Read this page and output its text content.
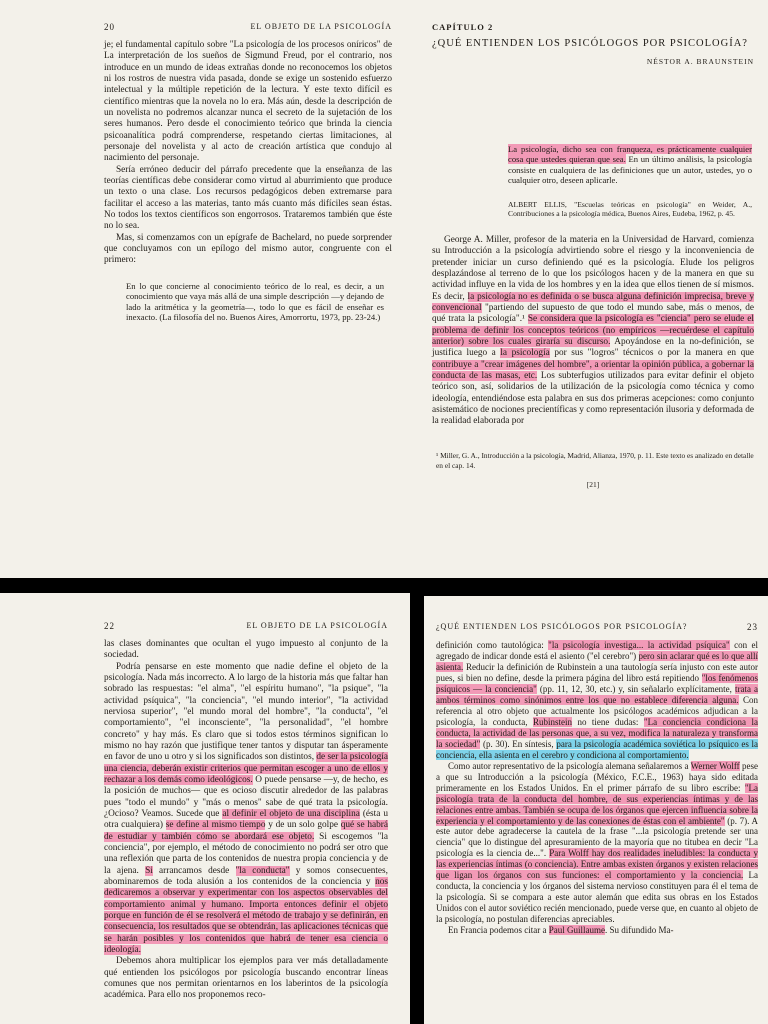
20	EL OBJETO DE LA PSICOLOGÍA

je; el fundamental capítulo sobre "La psicología de los procesos oníricos" de La interpretación de los sueños de Sigmund Freud, por el contrario, nos introduce en un mundo de ideas extrañas donde no reconocemos los objetos ni los rostros de nuestra vida pasada, donde se exige un sostenido esfuerzo intelectual y la múltiple repetición de la lectura. Y este texto difícil es científico mientras que la novela no lo era. Más aún, desde la descripción de un novelista no podremos alcanzar nunca el secreto de la sujetación de los seres humanos. Pero desde el conocimiento teórico que brinda la ciencia psicoanalítica podrá comprenderse, respetando ciertas limitaciones, al personaje del novelista y al acto de creación artística que condujo al nacimiento del personaje.

Sería erróneo deducir del párrafo precedente que la enseñanza de las teorías científicas debe considerar como virtud al aburrimiento que produce un texto o una clase. Los recursos pedagógicos deben extremarse para facilitar el acceso a las materias, tanto más cuanto más difíciles sean éstas. No todos los textos científicos son engorrosos. Trataremos también que éste no lo sea.

Mas, si comenzamos con un epígrafe de Bachelard, no puede sorprender que concluyamos con un epílogo del mismo autor, congruente con el primero:

En lo que concierne al conocimiento teórico de lo real, es decir, a un conocimiento que vaya más allá de una simple descripción —y dejando de lado la aritmética y la geometría—, todo lo que es fácil de enseñar es inexacto. (La filosofía del no. Buenos Aires, Amorrortu, 1973, pp. 23-24.)
CAPÍTULO 2
¿QUÉ ENTIENDEN LOS PSICÓLOGOS POR PSICOLOGÍA?
NÉSTOR A. BRAUNSTEIN
La psicología, dicho sea con franqueza, es prácticamente cualquier cosa que ustedes quieran que sea. En un último análisis, la psicología consiste en cualquiera de las definiciones que un autor, ustedes, yo o cualquier otro, deseen aplicarle.
ALBERT ELLIS, "Escuelas teóricas en psicología" en Weider, A., Contribuciones a la psicología médica, Buenos Aires, Eudeba, 1962, p. 45.

George A. Miller, profesor de la materia en la Universidad de Harvard, comienza su Introducción a la psicología advirtiendo sobre el riesgo y la inconveniencia de pretender iniciar un curso definiendo qué es la psicología. Elude los peligros desplazándose al terreno de lo que los psicólogos hacen y de la manera en que su actividad influye en la vida de los hombres y en la idea que ellos tienen de sí mismos. Es decir, la psicología no es definida o se busca alguna definición imprecisa, breve y convencional "partiendo del supuesto de que todo el mundo sabe, más o menos, de qué trata la psicología".¹ Se considera que la psicología es "ciencia" pero se elude el problema de definir los conceptos teóricos (no empíricos —recuérdese el capítulo anterior) sobre los cuales giraría su discurso. Apoyándose en la no-definición, se justifica luego a la psicología por sus "logros" técnicos o por la manera en que contribuye a "crear imágenes del hombre", a orientar la opinión pública, a gobernar la conducta de las masas, etc. Los subterfugios utilizados para evitar definir el objeto teórico son, así, solidarios de la utilización de la psicología como técnica y como ideología, entendiéndose esta palabra en sus dos primeras acepciones: como conjunto asistemático de nociones precientíficas y como representación ilusoria y deformada de la realidad elaborada por

¹ Miller, G. A., Introducción a la psicología, Madrid, Alianza, 1970, p. 11. Este texto es analizado en detalle en el cap. 14.
[21]
22	EL OBJETO DE LA PSICOLOGÍA

las clases dominantes que ocultan el yugo impuesto al conjunto de la sociedad.

Podría pensarse en este momento que nadie define el objeto de la psicología. Nada más incorrecto. A lo largo de la historia más que faltar han sobrado las respuestas: "el alma", "el espíritu humano", "la psique", "la actividad psíquica", "la conciencia", "el mundo interior", "la actividad nerviosa superior", "el mundo moral del hombre", "la conducta", "el comportamiento", "el inconsciente", "la personalidad", "el hombre concreto" y hay más. Es claro que si todos estos términos significan lo mismo no hay razón que justifique tener tantos y disputar tan ásperamente en favor de uno u otro y si los significados son distintos, de ser la psicología una ciencia, deberán existir criterios que permitan escoger a uno de ellos y rechazar a los demás como ideológicos. O puede pensarse —y, de hecho, es la posición de muchos— que es ocioso discutir alrededor de las palabras pues "todo el mundo" y "más o menos" sabe de qué trata la psicología. ¿Ocioso? Veamos. Sucede que al definir el objeto de una disciplina (ésta u otra cualquiera) se define al mismo tiempo y de un solo golpe qué se habrá de estudiar y también cómo se abordará ese objeto. Si escogemos "la conciencia", por ejemplo, el método de conocimiento no podrá ser otro que una reflexión que parta de los contenidos de nuestra propia conciencia y de la ajena. Si arrancamos desde "la conducta" y somos consecuentes, abominaremos de toda alusión a los contenidos de la conciencia y nos dedicaremos a observar y experimentar con los aspectos observables del comportamiento animal y humano. Importa entonces definir el objeto porque en función de él se resolverá el método de trabajo y se definirán, en consecuencia, los resultados que se obtendrán, las aplicaciones técnicas que se harán posibles y los contenidos que habrá de tener esa ciencia o ideología.

Debemos ahora multiplicar los ejemplos para ver más detalladamente qué entienden los psicólogos por psicología buscando encontrar líneas comunes que nos permitan orientarnos en los laberintos de la psicología académica. Para ello nos proponemos reco-

¿QUÉ ENTIENDEN LOS PSICÓLOGOS POR PSICOLOGÍA?	23

definición como tautológica: "la psicología investiga... la actividad psíquica" con el agregado de indicar donde está el asiento ("el cerebro") pero sin aclarar qué es lo que allí asienta. Reducir la definición de Rubinstein a una tautología sería injusto con este autor pues, si bien no define, desde la primera página del libro está repitiendo "los fenómenos psíquicos — la conciencia" (pp. 11, 12, 30, etc.) y, sin señalarlo explícitamente, trata a ambos términos como sinónimos entre los que no establece diferencia alguna. Con referencia al otro objeto que actualmente los psicólogos académicos adjudican a la psicología, la conducta, Rubinstein no tiene dudas: "La conciencia condiciona la conducta, la actividad de las personas que, a su vez, modifica la naturaleza y transforma la sociedad" (p. 30). En síntesis, para la psicología académica soviética lo psíquico es la conciencia, ella asienta en el cerebro y condiciona al comportamiento.

Como autor representativo de la psicología alemana señalaremos a Werner Wolff pese a que su Introducción a la psicología (México, F.C.E., 1963) haya sido editada primeramente en los Estados Unidos. En el primer párrafo de su libro escribe: "La psicología trata de la conducta del hombre, de sus experiencias íntimas y de las relaciones entre ambas. También se ocupa de los órganos que ejercen influencia sobre la experiencia y el comportamiento y de las conexiones de éstas con el ambiente" (p. 7). A este autor debe agradecerse la cautela de la frase "...la psicología pretende ser una ciencia" que lo distingue del apresuramiento de la mayoría que no titubea en decir "La psicología es la ciencia de...". Para Wolff hay dos realidades ineludibles: la conducta y las experiencias íntimas (o conciencia). Entre ambas existen órganos y existen relaciones que ligan los órganos con sus funciones: el comportamiento y la conciencia. La conducta, la conciencia y los órganos del sistema nervioso constituyen para él el tema de la psicología. Si se compara a este autor alemán que edita sus obras en los Estados Unidos con el autor soviético recién mencionado, puede verse que, en cuanto al objeto de la psicología, no postulan diferencias apreciables.

En Francia podemos citar a Paul Guillaume. Su difundido Ma-
